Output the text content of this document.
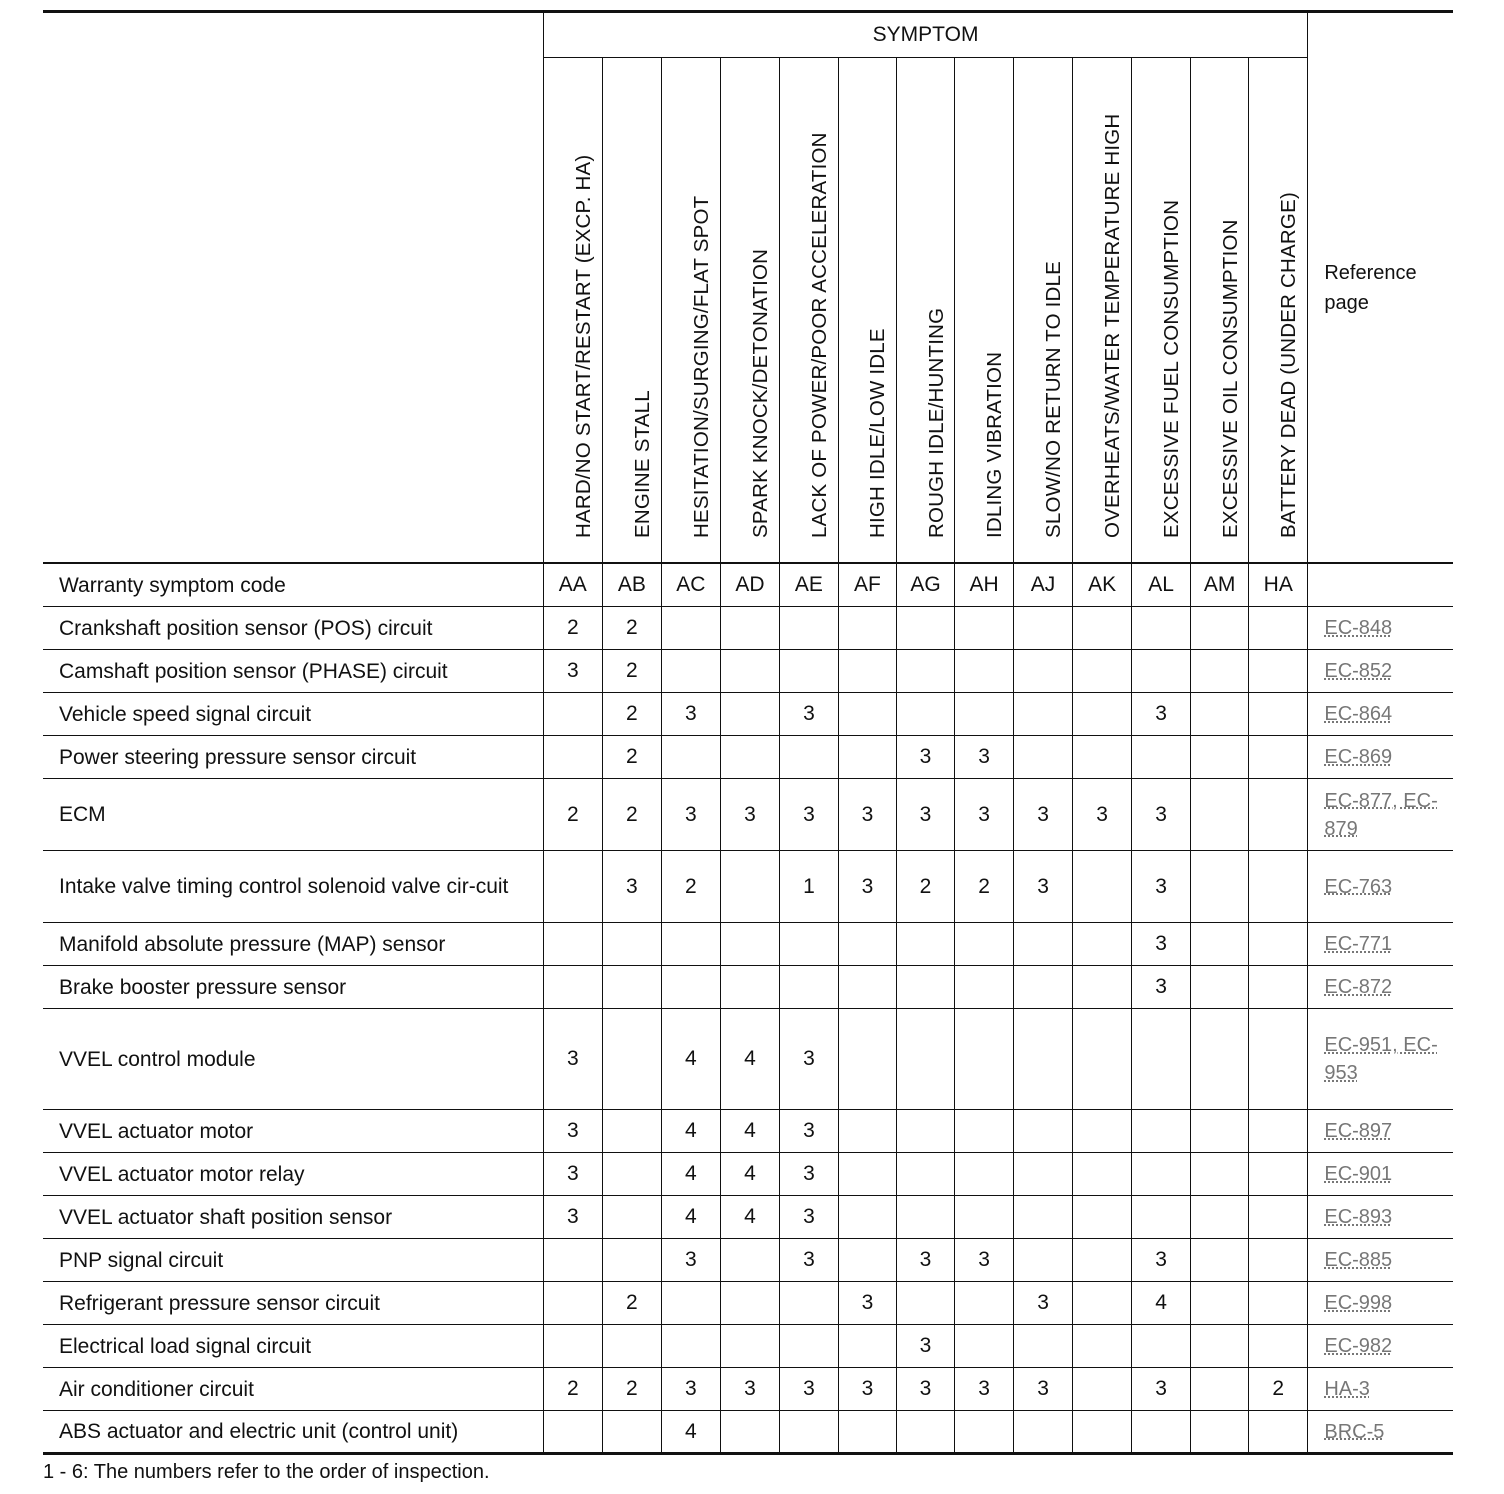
	SYMPTOM													Reference page

	HARD/NO START/RESTART (EXCP. HA)	ENGINE STALL	HESITATION/SURGING/FLAT SPOT	SPARK KNOCK/DETONATION	LACK OF POWER/POOR ACCELERATION	HIGH IDLE/LOW IDLE	ROUGH IDLE/HUNTING	IDLING VIBRATION	SLOW/NO RETURN TO IDLE	OVERHEATS/WATER TEMPERATURE HIGH	EXCESSIVE FUEL CONSUMPTION	EXCESSIVE OIL CONSUMPTION	BATTERY DEAD (UNDER CHARGE)	

Warranty symptom code	AA	AB	AC	AD	AE	AF	AG	AH	AJ	AK	AL	AM	HA	
Crankshaft position sensor (POS) circuit	2	2												EC-848
Camshaft position sensor (PHASE) circuit	3	2												EC-852
Vehicle speed signal circuit		2	3		3						3			EC-864
Power steering pressure sensor circuit		2					3	3						EC-869
ECM	2	2	3	3	3	3	3	3	3	3	3			EC-877, EC-879
Intake valve timing control solenoid valve cir-cuit		3	2		1	3	2	2	3		3			EC-763
Manifold absolute pressure (MAP) sensor											3			EC-771
Brake booster pressure sensor											3			EC-872
VVEL control module	3		4	4	3									EC-951, EC-953
VVEL actuator motor	3		4	4	3									EC-897
VVEL actuator motor relay	3		4	4	3									EC-901
VVEL actuator shaft position sensor	3		4	4	3									EC-893
PNP signal circuit			3		3		3	3			3			EC-885
Refrigerant pressure sensor circuit		2				3			3		4			EC-998
Electrical load signal circuit							3							EC-982
Air conditioner circuit	2	2	3	3	3	3	3	3	3		3		2	HA-3
ABS actuator and electric unit (control unit)			4											BRC-5
1 - 6: The numbers refer to the order of inspection.
